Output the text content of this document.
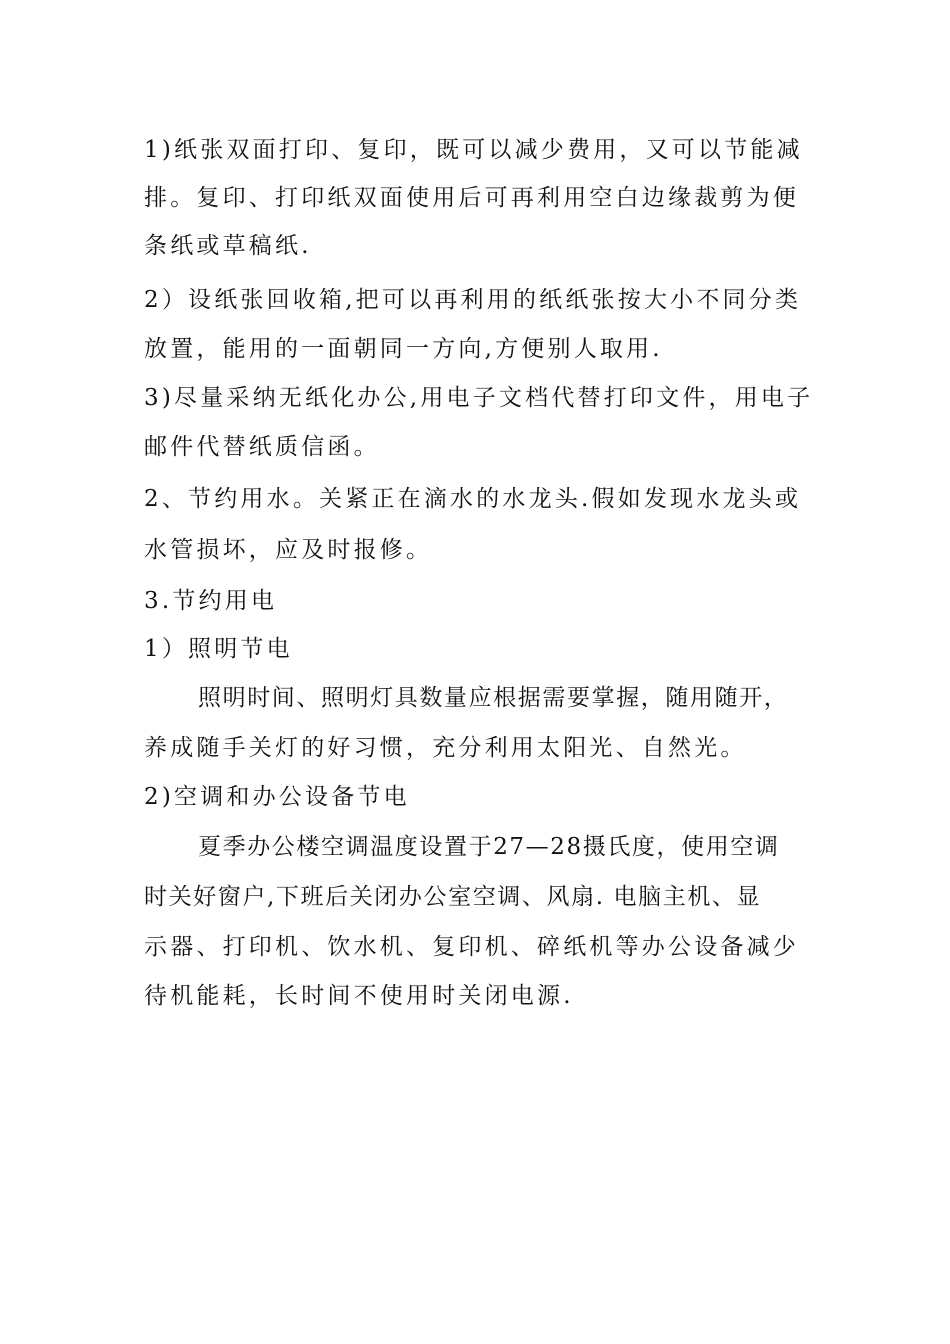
1)纸张双面打印、复印，既可以减少费用，又可以节能减
排。复印、打印纸双面使用后可再利用空白边缘裁剪为便
条纸或草稿纸.
2）设纸张回收箱,把可以再利用的纸纸张按大小不同分类
放置，能用的一面朝同一方向,方便别人取用.
3)尽量采纳无纸化办公,用电子文档代替打印文件，用电子
邮件代替纸质信函。
2、节约用水。关紧正在滴水的水龙头.假如发现水龙头或
水管损坏，应及时报修。
3.节约用电
1）照明节电
照明时间、照明灯具数量应根据需要掌握，随用随开，
养成随手关灯的好习惯，充分利用太阳光、自然光。
2)空调和办公设备节电
夏季办公楼空调温度设置于27—28摄氏度，使用空调
时关好窗户,下班后关闭办公室空调、风扇. 电脑主机、显
示器、打印机、饮水机、复印机、碎纸机等办公设备减少
待机能耗，长时间不使用时关闭电源.
